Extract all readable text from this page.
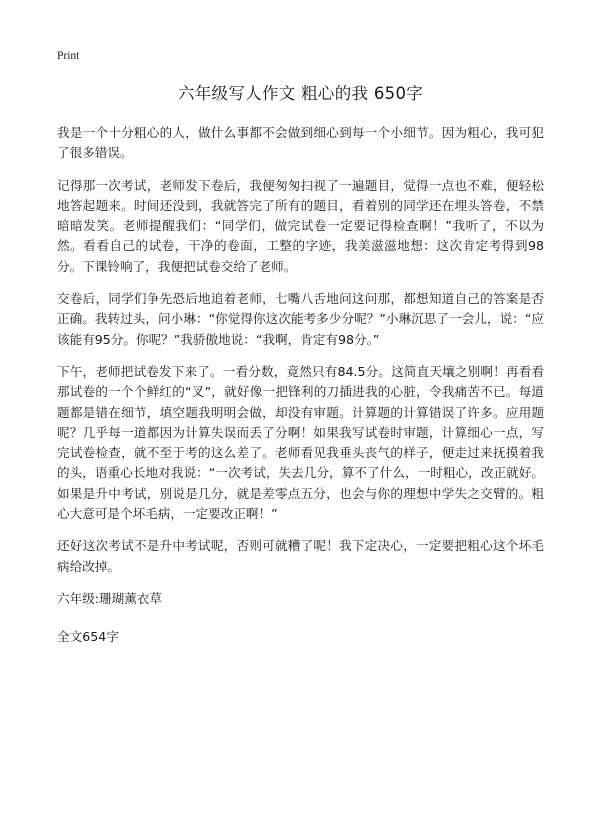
Print
六年级写人作文 粗心的我 650字

我是一个十分粗心的人，做什么事都不会做到细心到每一个小细节。因为粗心，我可犯了很多错误。

记得那一次考试，老师发下卷后，我便匆匆扫视了一遍题目，觉得一点也不难，便轻松地答起题来。时间还没到，我就答完了所有的题目，看着别的同学还在埋头答卷，不禁暗暗发笑。老师提醒我们：“同学们，做完试卷一定要记得检查啊！”我听了，不以为然。看看自己的试卷，干净的卷面，工整的字迹，我美滋滋地想：这次肯定考得到98分。下课铃响了，我便把试卷交给了老师。

交卷后，同学们争先恐后地追着老师，七嘴八舌地问这问那，都想知道自己的答案是否正确。我转过头，问小琳：“你觉得你这次能考多少分呢？”小琳沉思了一会儿，说：“应该能有95分。你呢？”我骄傲地说：“我啊，肯定有98分。”

下午，老师把试卷发下来了。一看分数，竟然只有84.5分。这简直天壤之别啊！再看看那试卷的一个个鲜红的“叉”，就好像一把锋利的刀插进我的心脏，令我痛苦不已。每道题都是错在细节，填空题我明明会做，却没有审题。计算题的计算错误了许多。应用题呢？几乎每一道都因为计算失误而丢了分啊！如果我写试卷时审题，计算细心一点，写完试卷检查，就不至于考的这么差了。老师看见我垂头丧气的样子，便走过来抚摸着我的头，语重心长地对我说：“一次考试，失去几分，算不了什么，一时粗心，改正就好。如果是升中考试，别说是几分，就是差零点五分，也会与你的理想中学失之交臂的。粗心大意可是个坏毛病，一定要改正啊！”

还好这次考试不是升中考试呢，否则可就糟了呢！我下定决心，一定要把粗心这个坏毛病给改掉。

六年级:珊瑚薰衣草

全文654字
